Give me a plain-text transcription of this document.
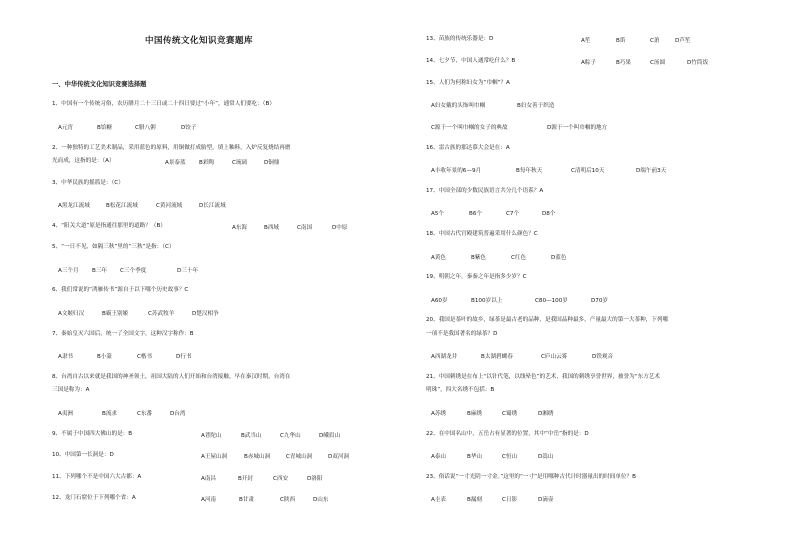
中国传统文化知识竞赛题库
一、中华传统文化知识竞赛选择题
1、中国有一个传统习俗，农历腊月二十三日或二十四日要过“小年”，通常人们要吃：（B）
A元宵	B饸糖	C腊八粥	D饺子
2、一种独特的工艺美术制品，采用蓝色的原料，用铜做打成胎型，填上釉料，入炉反复烧结再磨
光而成，这指的是：（A）	A景泰蓝 B彩陶	C琉璃	D铜鼎
3、中华民族的摇篮是：（C）
A黑龙江流域	B松花江流域	C黄河流域	D长江流域
4、“阳关大道”原是指通往那里的道路？（B）	A东海	B西域	C南国	D中原
5、“一日不见，如隔三秋”里的“三秋”是指：（C）
A三个月 B三年 C三个季度	D三十年
6、我们常说的“鸿雁传书”源自于以下哪个历史故事？C
A文姬归汉	B霸王别姬	C苏武牧羊	D楚汉相争
7、秦始皇灭六国后，统一了全国文字，这种汉字称作：B
A隶书	B小篆	C楷书	D行书
8、台湾自古以来就是我国的神圣领土，祖国大陆的人们开始和台湾接触，早在秦汉时期，台湾在
三国是称为：A
A夷洲	B流求	C东番	D台湾
9、不属于中国四大佛山的是：B	A普陀山	B武当山	C九华山	D峨眉山
10、中国第一长洞是：D	A王屋山洞	B赤城山洞	C青城山洞	D双河洞
11、下列哪个不是中国六大古都：A	A南昌	B开封	C西安	D洛阳
12、龙门石窟位于下列哪个省：A	A河南	B甘肃	C陕西	D山东
13、苗族的传统乐器是：D	A笙	B笛	C萧	D芦笙
14、七夕节，中国人通常吃什么？B	A粽子	B巧果	C汤圆	D竹筒饭
15、人们为何称妇女为“巾帼”？A
A妇女戴的头饰叫巾帼	B妇女善于织造
C源于一个叫巾帼的女子的典故	D源于一个叫巾帼的地方
16、雷古族的那达慕大会是在：A
A丰收年景的6—9月	B每年秋天	C清明后10天	D端午前3天
17、中国全部的少数民族语言共分几个语系？A
A5个	B6个	C7个	D8个
18、中国古代宫殿建筑普遍采用什么颜色？C
A黄色	B紫色	C红色	D蓝色
19、明朝之年，秦秦之年是指多少岁？C
A60岁	B100岁以上	C80—100岁	D70岁
20、我国是茶叶的故乡，绿茶是最古老的品种，是我国品种最多，产量最大的第一大茶种，下列哪
一项不是我国著名的绿茶？D
A西湖龙井	B太湖碧螺春	C庐山云雾	D铁观音
21、中国刺绣是在布上“以针代笔，以线晕色”的艺术，我国的刺绣享誉世界，被誉为“东方艺术
明珠”，四大名绣不包括：B
A苏绣	B麻绣	C蜀绣	D湘绣
22、在中国名山中，五岳占有显著的位置，其中“中岳”指的是：D
A泰山	B华山	C恒山	D嵩山
23、俗话说“一寸光阴一寸金。”这里的“一寸”是用哪种古代计时器量出的时间单位？B
A圭表	B漏刻	C日影	D滴壶
